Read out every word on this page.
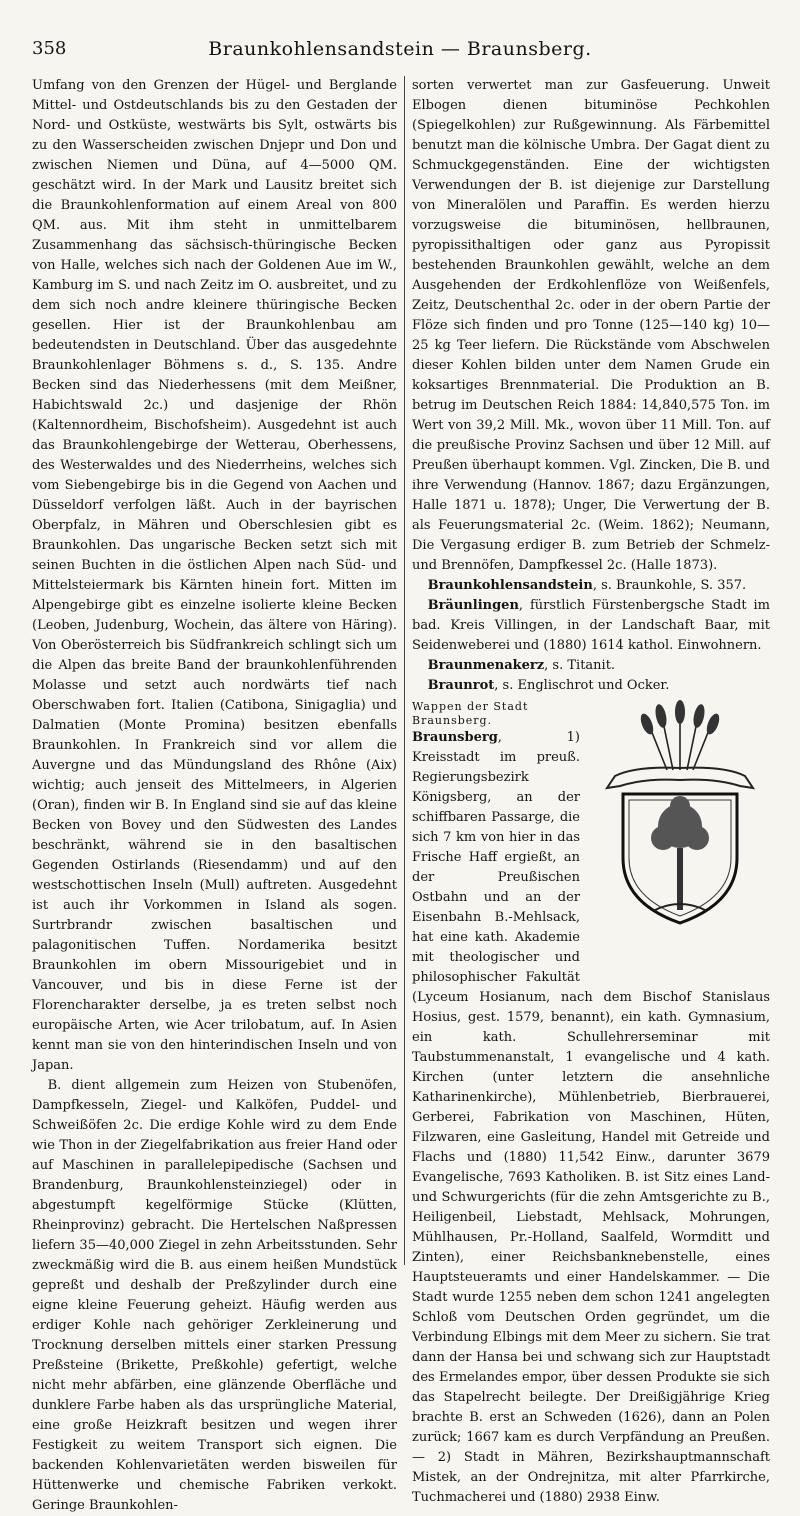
358	Braunkohlensandstein — Braunsberg.

Umfang von den Grenzen der Hügel- und Berglande Mittel- und Ostdeutschlands bis zu den Gestaden der Nord- und Ostküste, westwärts bis Sylt, ostwärts bis zu den Wasserscheiden zwischen Dnjepr und Don und zwischen Niemen und Düna, auf 4—5000 QM. geschätzt wird. In der Mark und Lausitz breitet sich die Braunkohlenformation auf einem Areal von 800 QM. aus. Mit ihm steht in unmittelbarem Zusammenhang das sächsisch-thüringische Becken von Halle, welches sich nach der Goldenen Aue im W., Kamburg im S. und nach Zeitz im O. ausbreitet, und zu dem sich noch andre kleinere thüringische Becken gesellen. Hier ist der Braunkohlenbau am bedeutendsten in Deutschland. Über das ausgedehnte Braunkohlenlager Böhmens s. d., S. 135. Andre Becken sind das Niederhessens (mit dem Meißner, Habichtswald 2c.) und dasjenige der Rhön (Kaltennordheim, Bischofsheim). Ausgedehnt ist auch das Braunkohlengebirge der Wetterau, Oberhessens, des Westerwaldes und des Niederrheins, welches sich vom Siebengebirge bis in die Gegend von Aachen und Düsseldorf verfolgen läßt. Auch in der bayrischen Oberpfalz, in Mähren und Oberschlesien gibt es Braunkohlen. Das ungarische Becken setzt sich mit seinen Buchten in die östlichen Alpen nach Süd- und Mittelsteiermark bis Kärnten hinein fort. Mitten im Alpengebirge gibt es einzelne isolierte kleine Becken (Leoben, Judenburg, Wochein, das ältere von Häring). Von Oberösterreich bis Südfrankreich schlingt sich um die Alpen das breite Band der braunkohlenführenden Molasse und setzt auch nordwärts tief nach Oberschwaben fort. Italien (Catibona, Sinigaglia) und Dalmatien (Monte Promina) besitzen ebenfalls Braunkohlen. In Frankreich sind vor allem die Auvergne und das Mündungsland des Rhône (Aix) wichtig; auch jenseit des Mittelmeers, in Algerien (Oran), finden wir B. In England sind sie auf das kleine Becken von Bovey und den Südwesten des Landes beschränkt, während sie in den basaltischen Gegenden Ostirlands (Riesendamm) und auf den westschottischen Inseln (Mull) auftreten. Ausgedehnt ist auch ihr Vorkommen in Island als sogen. Surtrbrandr zwischen basaltischen und palagonitischen Tuffen. Nordamerika besitzt Braunkohlen im obern Missourigebiet und in Vancouver, und bis in diese Ferne ist der Florencharakter derselbe, ja es treten selbst noch europäische Arten, wie Acer trilobatum, auf. In Asien kennt man sie von den hinterindischen Inseln und von Japan.

B. dient allgemein zum Heizen von Stubenöfen, Dampfkesseln, Ziegel- und Kalköfen, Puddel- und Schweißöfen 2c. Die erdige Kohle wird zu dem Ende wie Thon in der Ziegelfabrikation aus freier Hand oder auf Maschinen in parallelepipedische (Sachsen und Brandenburg, Braunkohlensteinziegel) oder in abgestumpft kegelförmige Stücke (Klütten, Rheinprovinz) gebracht. Die Hertelschen Naßpressen liefern 35—40,000 Ziegel in zehn Arbeitsstunden. Sehr zweckmäßig wird die B. aus einem heißen Mundstück gepreßt und deshalb der Preßzylinder durch eine eigne kleine Feuerung geheizt. Häufig werden aus erdiger Kohle nach gehöriger Zerkleinerung und Trocknung derselben mittels einer starken Pressung Preßsteine (Brikette, Preßkohle) gefertigt, welche nicht mehr abfärben, eine glänzende Oberfläche und dunklere Farbe haben als das ursprüngliche Material, eine große Heizkraft besitzen und wegen ihrer Festigkeit zu weitem Transport sich eignen. Die backenden Kohlenvarietäten werden bisweilen für Hüttenwerke und chemische Fabriken verkokt. Geringe Braunkohlen-

sorten verwertet man zur Gasfeuerung. Unweit Elbogen dienen bituminöse Pechkohlen (Spiegelkohlen) zur Rußgewinnung. Als Färbemittel benutzt man die kölnische Umbra. Der Gagat dient zu Schmuckgegenständen. Eine der wichtigsten Verwendungen der B. ist diejenige zur Darstellung von Mineralölen und Paraffin. Es werden hierzu vorzugsweise die bituminösen, hellbraunen, pyropissithaltigen oder ganz aus Pyropissit bestehenden Braunkohlen gewählt, welche an dem Ausgehenden der Erdkohlenflöze von Weißenfels, Zeitz, Deutschenthal 2c. oder in der obern Partie der Flöze sich finden und pro Tonne (125—140 kg) 10—25 kg Teer liefern. Die Rückstände vom Abschwelen dieser Kohlen bilden unter dem Namen Grude ein koksartiges Brennmaterial. Die Produktion an B. betrug im Deutschen Reich 1884: 14,840,575 Ton. im Wert von 39,2 Mill. Mk., wovon über 11 Mill. Ton. auf die preußische Provinz Sachsen und über 12 Mill. auf Preußen überhaupt kommen. Vgl. Zincken, Die B. und ihre Verwendung (Hannov. 1867; dazu Ergänzungen, Halle 1871 u. 1878); Unger, Die Verwertung der B. als Feuerungsmaterial 2c. (Weim. 1862); Neumann, Die Vergasung erdiger B. zum Betrieb der Schmelz- und Brennöfen, Dampfkessel 2c. (Halle 1873).

Braunkohlensandstein, s. Braunkohle, S. 357.

Bräunlingen, fürstlich Fürstenbergsche Stadt im bad. Kreis Villingen, in der Landschaft Baar, mit Seidenweberei und (1880) 1614 kathol. Einwohnern.

Braunmenakerz, s. Titanit.

Braunrot, s. Englischrot und Ocker.

Wappen der Stadt
Braunsberg.
Braunsberg, 1) Kreisstadt im preuß. Regierungsbezirk Königsberg, an der schiffbaren Passarge, die sich 7 km von hier in das Frische Haff ergießt, an der Preußischen Ostbahn und an der Eisenbahn B.-Mehlsack, hat eine kath. Akademie mit theologischer und philosophischer Fakultät (Lyceum Hosianum, nach dem Bischof Stanislaus Hosius, gest. 1579, benannt), ein kath. Gymnasium, ein kath. Schullehrerseminar mit Taubstummenanstalt, 1 evangelische und 4 kath. Kirchen (unter letztern die ansehnliche Katharinenkirche), Mühlenbetrieb, Bierbrauerei, Gerberei, Fabrikation von Maschinen, Hüten, Filzwaren, eine Gasleitung, Handel mit Getreide und Flachs und (1880) 11,542 Einw., darunter 3679 Evangelische, 7693 Katholiken. B. ist Sitz eines Land- und Schwurgerichts (für die zehn Amtsgerichte zu B., Heiligenbeil, Liebstadt, Mehlsack, Mohrungen, Mühlhausen, Pr.-Holland, Saalfeld, Wormditt und Zinten), einer Reichsbanknebenstelle, eines Hauptsteueramts und einer Handelskammer. — Die Stadt wurde 1255 neben dem schon 1241 angelegten Schloß vom Deutschen Orden gegründet, um die Verbindung Elbings mit dem Meer zu sichern. Sie trat dann der Hansa bei und schwang sich zur Hauptstadt des Ermelandes empor, über dessen Produkte sie sich das Stapelrecht beilegte. Der Dreißigjährige Krieg brachte B. erst an Schweden (1626), dann an Polen zurück; 1667 kam es durch Verpfändung an Preußen. — 2) Stadt in Mähren, Bezirkshauptmannschaft Mistek, an der Ondrejnitza, mit alter Pfarrkirche, Tuchmacherei und (1880) 2938 Einw.
